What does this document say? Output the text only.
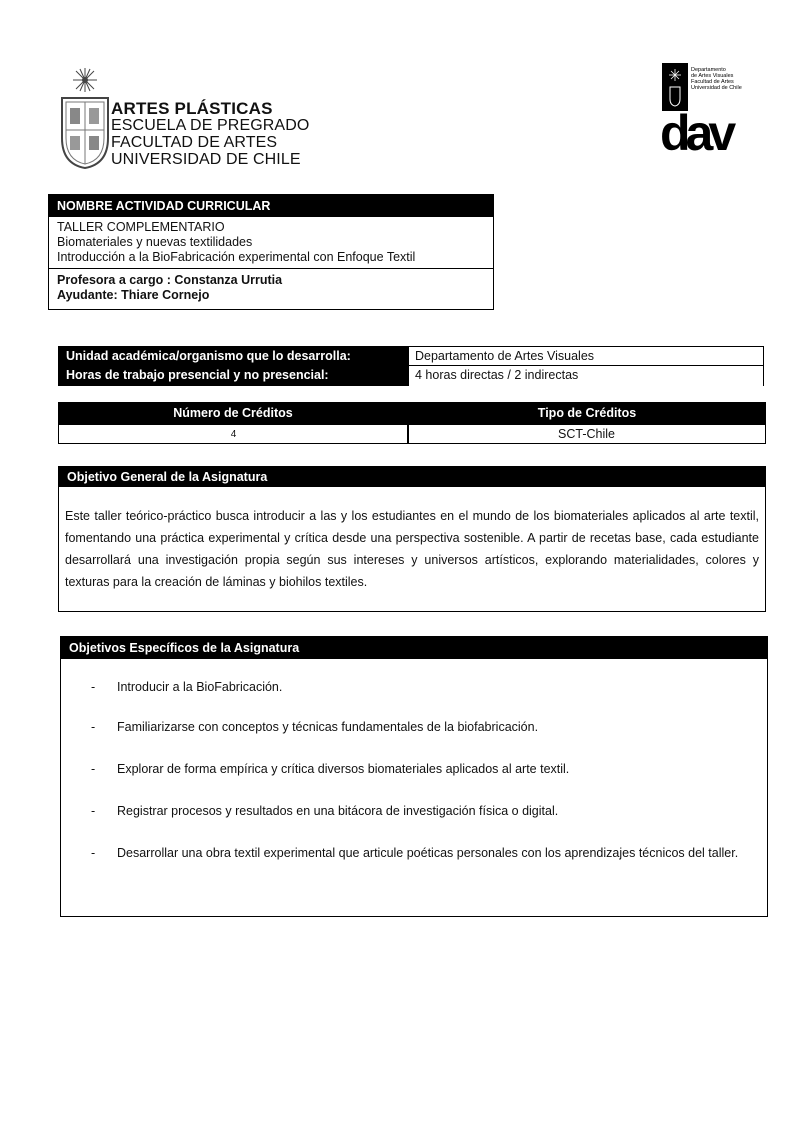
ARTES PLÁSTICAS
ESCUELA DE PREGRADO
FACULTAD DE ARTES
UNIVERSIDAD DE CHILE
Departamento
de Artes Visuales
Facultad de Artes
Universidad de Chile
dav
NOMBRE ACTIVIDAD CURRICULAR
TALLER COMPLEMENTARIO
Biomateriales y nuevas textilidades
Introducción a la BioFabricación experimental con Enfoque Textil
Profesora a cargo : Constanza Urrutia
Ayudante: Thiare Cornejo
Unidad académica/organismo que lo desarrolla:
Horas de trabajo presencial y no presencial:
Departamento de Artes Visuales
4 horas directas / 2 indirectas
Número de Créditos	Tipo de Créditos
4	SCT-Chile
Objetivo General de la Asignatura
Este taller teórico-práctico busca introducir a las y los estudiantes en el mundo de los biomateriales aplicados al arte textil, fomentando una práctica experimental y crítica desde una perspectiva sostenible. A partir de recetas base, cada estudiante desarrollará una investigación propia según sus intereses y universos artísticos, explorando materialidades, colores y texturas para la creación de láminas y biohilos textiles.
Objetivos Específicos de la Asignatura
- Introducir a la BioFabricación.
- Familiarizarse con conceptos y técnicas fundamentales de la biofabricación.
- Explorar de forma empírica y crítica diversos biomateriales aplicados al arte textil.
- Registrar procesos y resultados en una bitácora de investigación física o digital.
- Desarrollar una obra textil experimental que articule poéticas personales con los aprendizajes técnicos del taller.
